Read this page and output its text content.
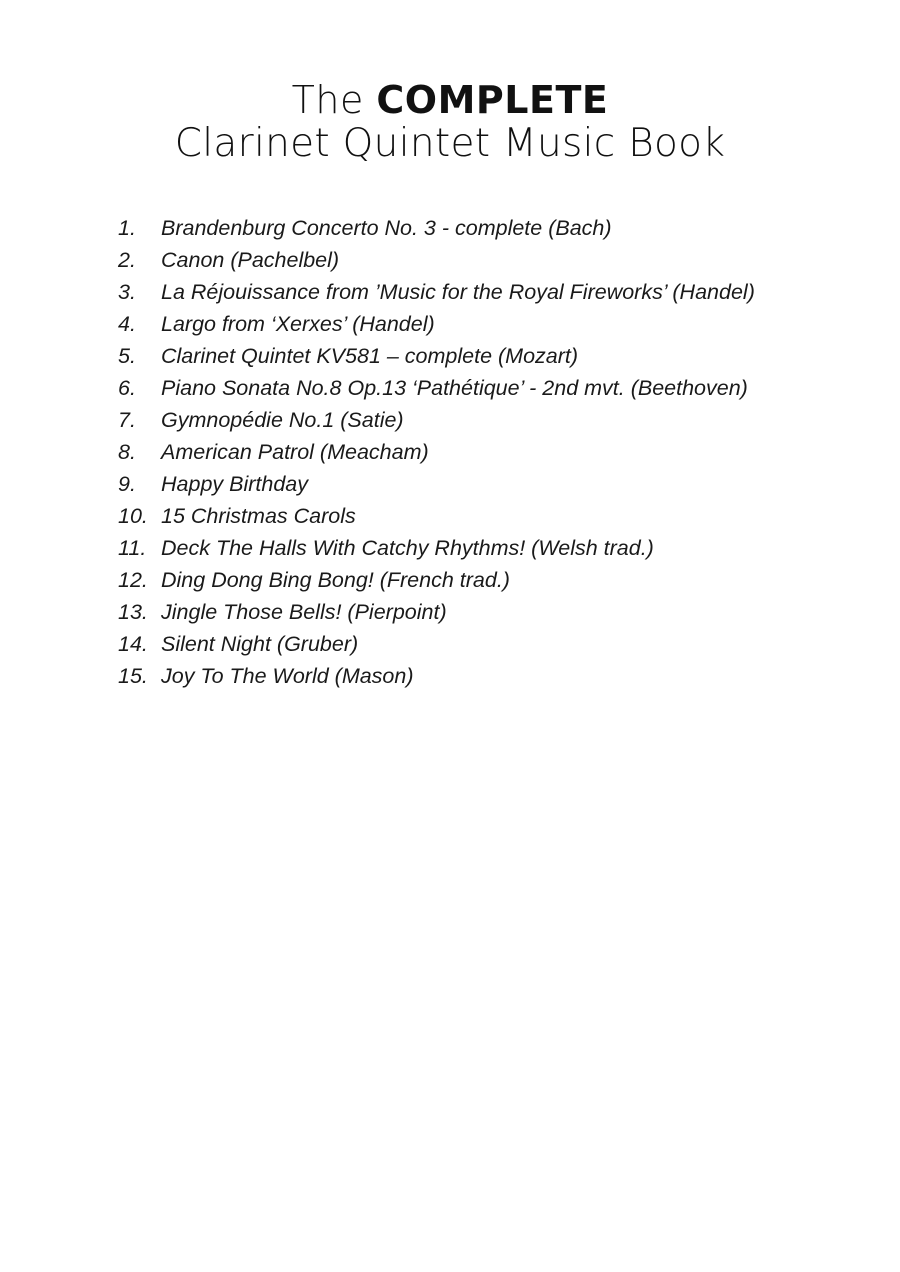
The COMPLETE
Clarinet Quintet Music Book
1. Brandenburg Concerto No. 3 - complete (Bach)
2. Canon (Pachelbel)
3. La Réjouissance from ’Music for the Royal Fireworks’ (Handel)
4. Largo from ‘Xerxes’ (Handel)
5. Clarinet Quintet KV581 – complete (Mozart)
6. Piano Sonata No.8 Op.13 ‘Pathétique’ - 2nd mvt. (Beethoven)
7. Gymnopédie No.1 (Satie)
8. American Patrol (Meacham)
9. Happy Birthday
10. 15 Christmas Carols
11. Deck The Halls With Catchy Rhythms! (Welsh trad.)
12. Ding Dong Bing Bong! (French trad.)
13. Jingle Those Bells! (Pierpoint)
14. Silent Night (Gruber)
15. Joy To The World (Mason)
